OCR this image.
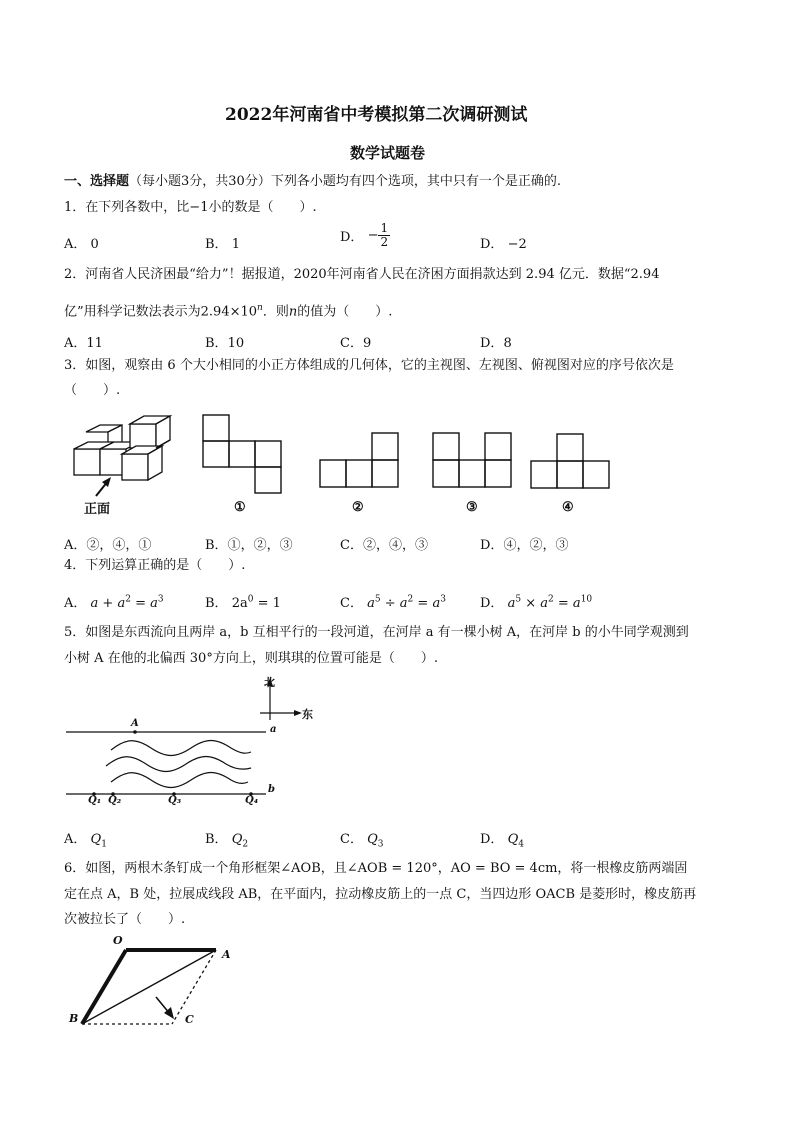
2022年河南省中考模拟第二次调研测试
数学试题卷
一、选择题（每小题3分，共30分）下列各小题均有四个选项，其中只有一个是正确的.
1．在下列各数中，比−1小的数是（　　）.
A． 0	B． 1	D． − $\frac{1}{2}$	D． −2
2．河南省人民济困最“给力”！据报道，2020年河南省人民在济困方面捐款达到 2.94 亿元．数据“2.94
亿”用科学记数法表示为$2.94\times 10^n$．则n的值为（　　）.
A．11	B．10	C．9	D．8
3．如图，观察由 6 个大小相同的小正方体组成的几何体，它的主视图、左视图、俯视图对应的序号依次是
（　　）.
正面	①	②	③	④
A．②，④，①	B．①，②，③	C．②，④，③	D．④，②，③
4．下列运算正确的是（　　）.
A． $a + a^2 = a^3$	B． $2a^0 = 1$	C． $a^5 \div a^2 = a^3$	D． $a^5 \times a^2 = a^{10}$
5．如图是东西流向且两岸 a，b 互相平行的一段河道，在河岸 a 有一棵小树 A，在河岸 b 的小牛同学观测到
小树 A 在他的北偏西 30°方向上，则琪琪的位置可能是（　　）.
北
东
A
a
b
Q₁ Q₂	Q₃	Q₄
A． $Q_1$	B． $Q_2$	C． $Q_3$	D． $Q_4$
6．如图，两根木条钉成一个角形框架∠AOB，且∠AOB = 120°，AO = BO = 4cm，将一根橡皮筋两端固
定在点 A，B 处，拉展成线段 AB，在平面内，拉动橡皮筋上的一点 C，当四边形 OACB 是菱形时，橡皮筋再
次被拉长了（　　）.
O
A
B	C
